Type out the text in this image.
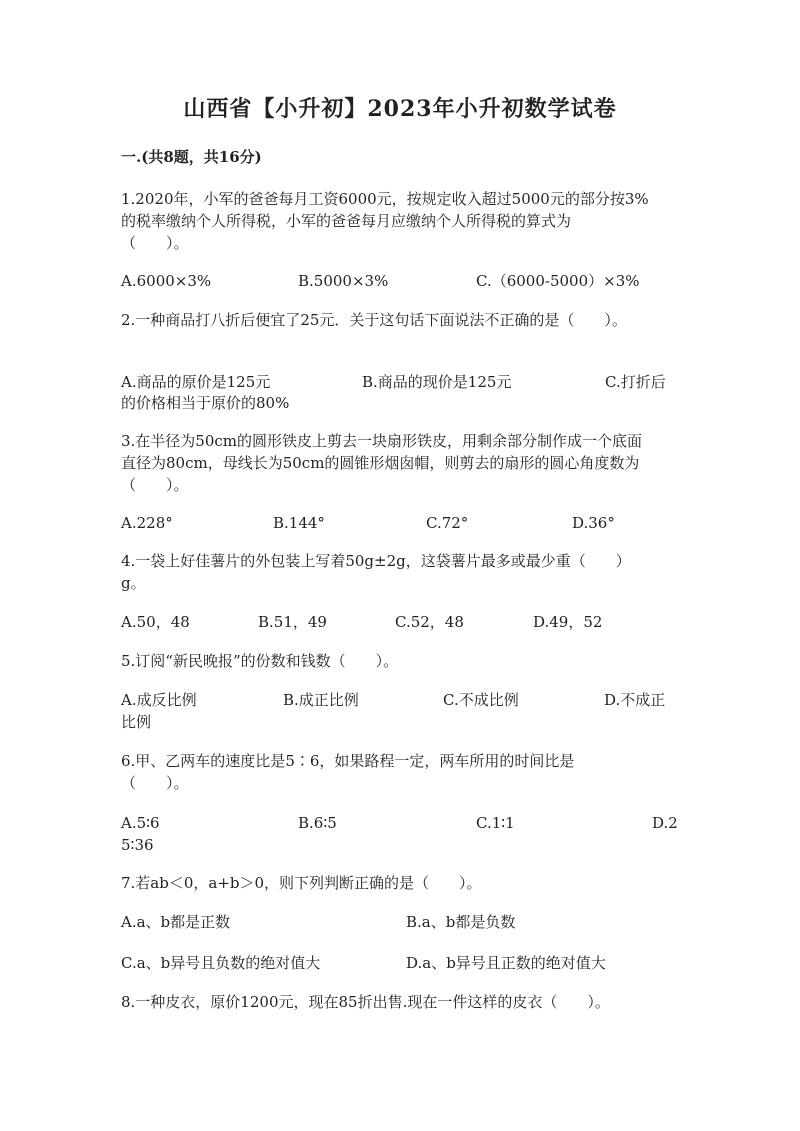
山西省【小升初】2023年小升初数学试卷
一.(共8题，共16分)
1.2020年，小军的爸爸每月工资6000元，按规定收入超过5000元的部分按3%
的税率缴纳个人所得税，小军的爸爸每月应缴纳个人所得税的算式为
（　　）。
A.6000×3%	B.5000×3%	C.（6000-5000）×3%
2.一种商品打八折后便宜了25元．关于这句话下面说法不正确的是（　　）。
A.商品的原价是125元	B.商品的现价是125元	C.打折后
的价格相当于原价的80%
3.在半径为50cm的圆形铁皮上剪去一块扇形铁皮，用剩余部分制作成一个底面
直径为80cm，母线长为50cm的圆锥形烟囱帽，则剪去的扇形的圆心角度数为
（　　）。
A.228°	B.144°	C.72°	D.36°
4.一袋上好佳薯片的外包装上写着50g±2g，这袋薯片最多或最少重（　　）
g。
A.50，48	B.51，49	C.52，48	D.49，52
5.订阅“新民晚报”的份数和钱数（　　）。
A.成反比例	B.成正比例	C.不成比例	D.不成正
比例
6.甲、乙两车的速度比是5∶6，如果路程一定，两车所用的时间比是
（　　）。
A.5∶6	B.6∶5	C.1∶1	D.2
5∶36
7.若ab＜0，a+b＞0，则下列判断正确的是（　　）。
A.a、b都是正数	B.a、b都是负数
C.a、b异号且负数的绝对值大	D.a、b异号且正数的绝对值大
8.一种皮衣，原价1200元，现在85折出售.现在一件这样的皮衣（　　）。
